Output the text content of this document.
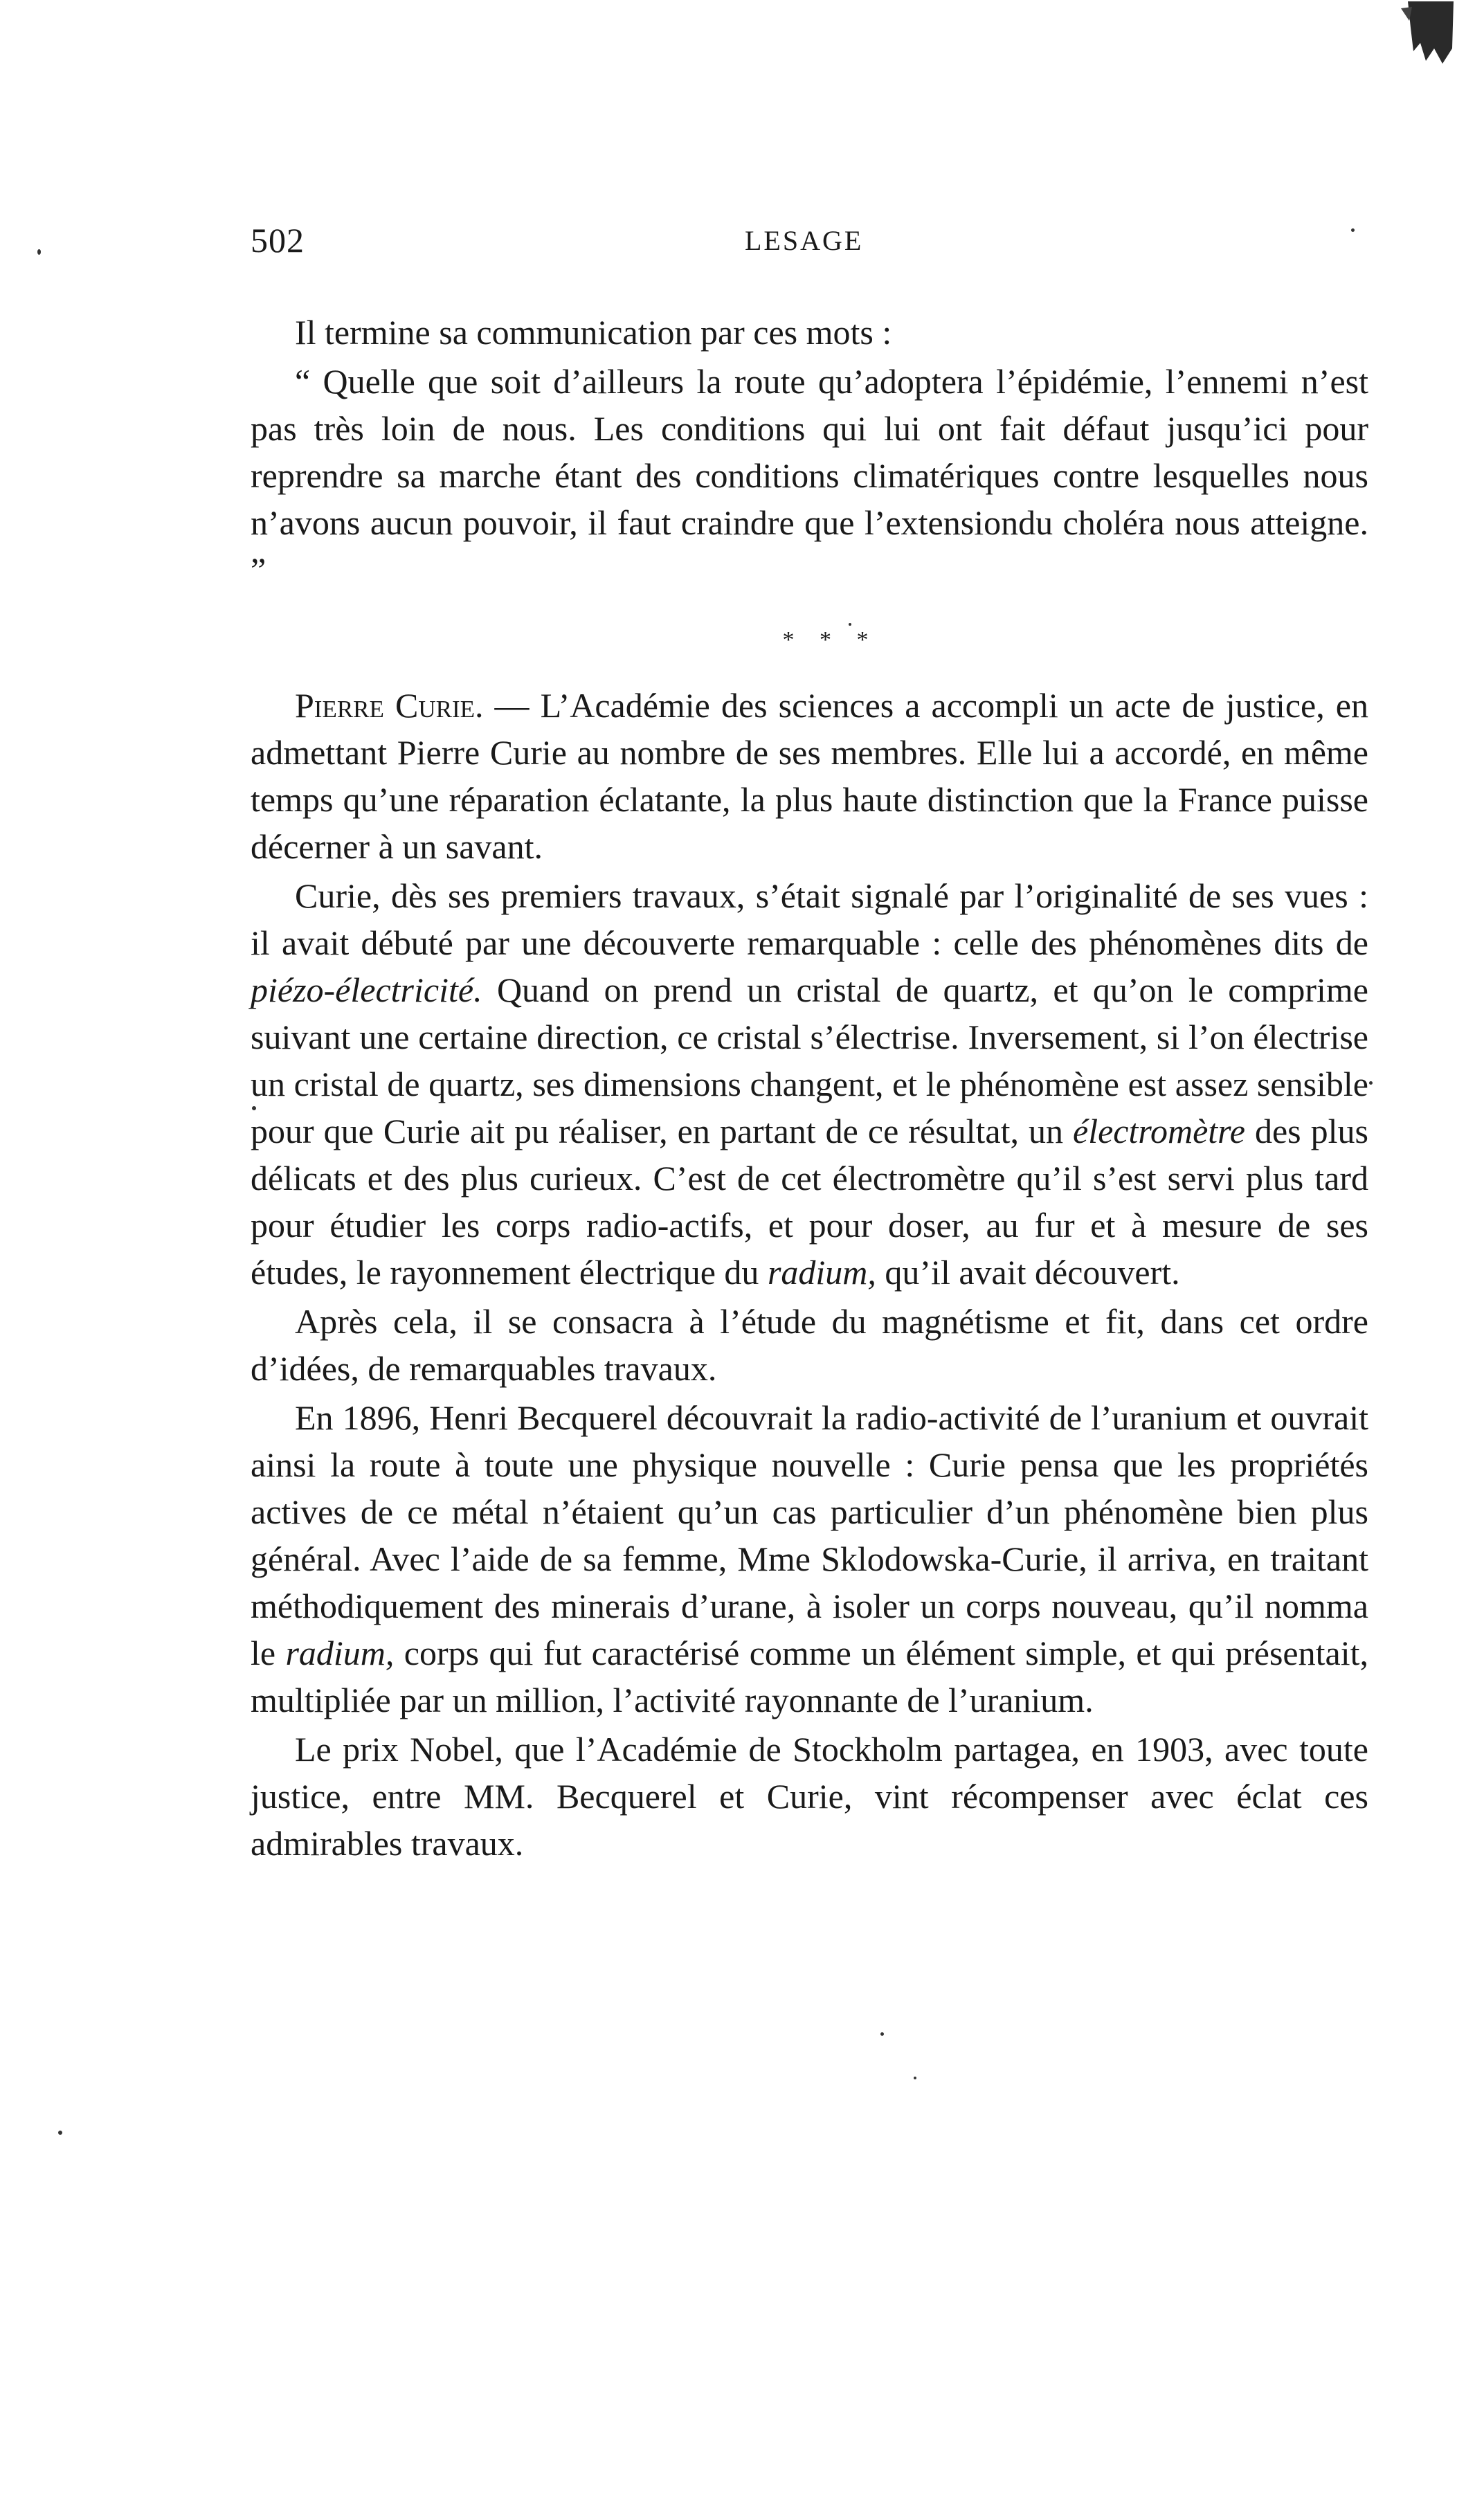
502	LESAGE

Il termine sa communication par ces mots :

“ Quelle que soit d’ailleurs la route qu’adoptera l’épidémie, l’ennemi n’est pas très loin de nous. Les conditions qui lui ont fait défaut jusqu’ici pour reprendre sa marche étant des conditions climatériques contre lesquelles nous n’avons aucun pouvoir, il faut craindre que l’extensiondu choléra nous atteigne. ”

* * *

Pierre Curie. — L’Académie des sciences a accompli un acte de justice, en admettant Pierre Curie au nombre de ses membres. Elle lui a accordé, en même temps qu’une réparation éclatante, la plus haute distinction que la France puisse décerner à un savant.

Curie, dès ses premiers travaux, s’était signalé par l’originalité de ses vues : il avait débuté par une découverte remarquable : celle des phénomènes dits de piézo-électricité. Quand on prend un cristal de quartz, et qu’on le comprime suivant une certaine direction, ce cristal s’électrise. Inversement, si l’on électrise un cristal de quartz, ses dimensions changent, et le phénomène est assez sensible pour que Curie ait pu réaliser, en partant de ce résultat, un électromètre des plus délicats et des plus curieux. C’est de cet électromètre qu’il s’est servi plus tard pour étudier les corps radio-actifs, et pour doser, au fur et à mesure de ses études, le rayonnement électrique du radium, qu’il avait découvert.

Après cela, il se consacra à l’étude du magnétisme et fit, dans cet ordre d’idées, de remarquables travaux.

En 1896, Henri Becquerel découvrait la radio-activité de l’uranium et ouvrait ainsi la route à toute une physique nouvelle : Curie pensa que les propriétés actives de ce métal n’étaient qu’un cas particulier d’un phénomène bien plus général. Avec l’aide de sa femme, Mme Sklodowska-Curie, il arriva, en traitant méthodiquement des minerais d’urane, à isoler un corps nouveau, qu’il nomma le radium, corps qui fut caractérisé comme un élément simple, et qui présentait, multipliée par un million, l’activité rayonnante de l’uranium.

Le prix Nobel, que l’Académie de Stockholm partagea, en 1903, avec toute justice, entre MM. Becquerel et Curie, vint récompenser avec éclat ces admirables travaux.
